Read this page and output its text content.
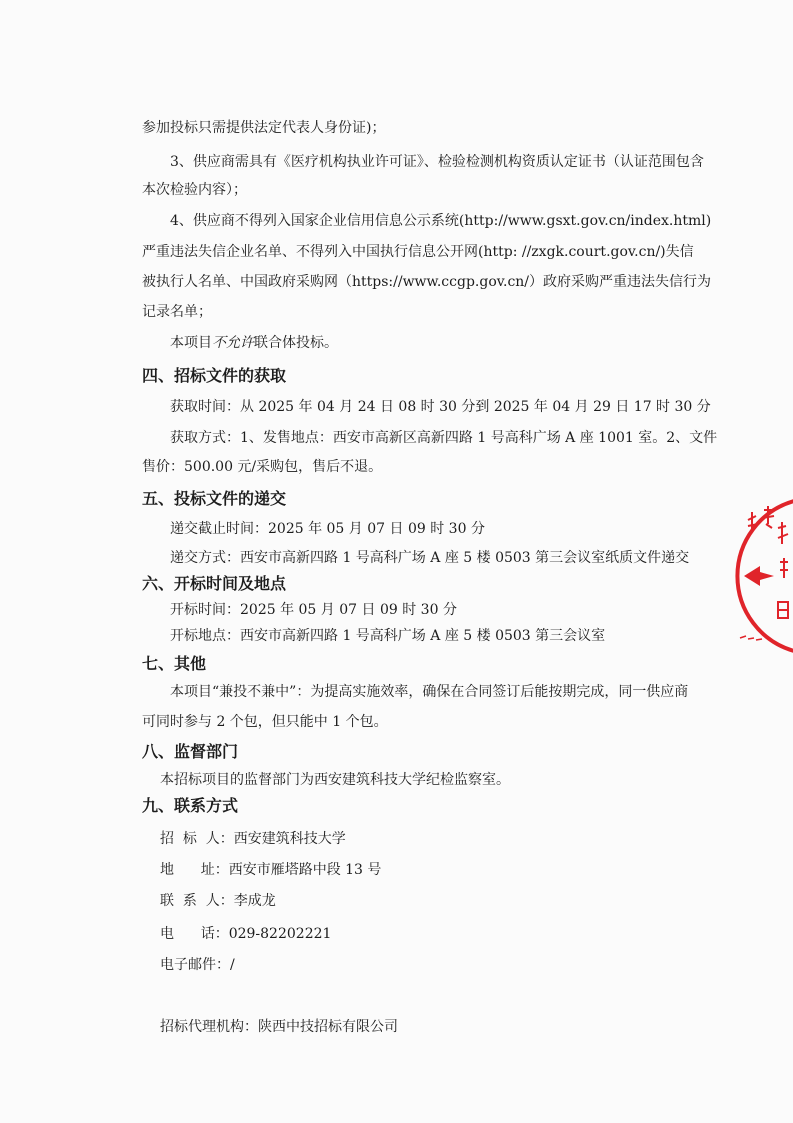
参加投标只需提供法定代表人身份证)；

3、供应商需具有《医疗机构执业许可证》、检验检测机构资质认定证书（认证范围包含

本次检验内容）；

4、供应商不得列入国家企业信用信息公示系统(http://www.gsxt.gov.cn/index.html)

严重违法失信企业名单、不得列入中国执行信息公开网(http: //zxgk.court.gov.cn/)失信

被执行人名单、中国政府采购网（https://www.ccgp.gov.cn/）政府采购严重违法失信行为

记录名单；

本项目不允许联合体投标。

四、招标文件的获取

获取时间：从 2025 年 04 月 24 日 08 时 30 分到 2025 年 04 月 29 日 17 时 30 分

获取方式：1、发售地点：西安市高新区高新四路 1 号高科广场 A 座 1001 室。2、文件

售价：500.00 元/采购包，售后不退。

五、投标文件的递交

递交截止时间：2025 年 05 月 07 日 09 时 30 分

递交方式：西安市高新四路 1 号高科广场 A 座 5 楼 0503 第三会议室纸质文件递交

六、开标时间及地点

开标时间：2025 年 05 月 07 日 09 时 30 分

开标地点：西安市高新四路 1 号高科广场 A 座 5 楼 0503 第三会议室

七、其他

本项目“兼投不兼中”：为提高实施效率，确保在合同签订后能按期完成，同一供应商

可同时参与 2 个包，但只能中 1 个包。

八、监督部门

本招标项目的监督部门为西安建筑科技大学纪检监察室。

九、联系方式

招  标  人：西安建筑科技大学

地      址：西安市雁塔路中段 13 号

联  系  人：李成龙

电      话：029-82202221

电子邮件：/

招标代理机构：陕西中技招标有限公司
